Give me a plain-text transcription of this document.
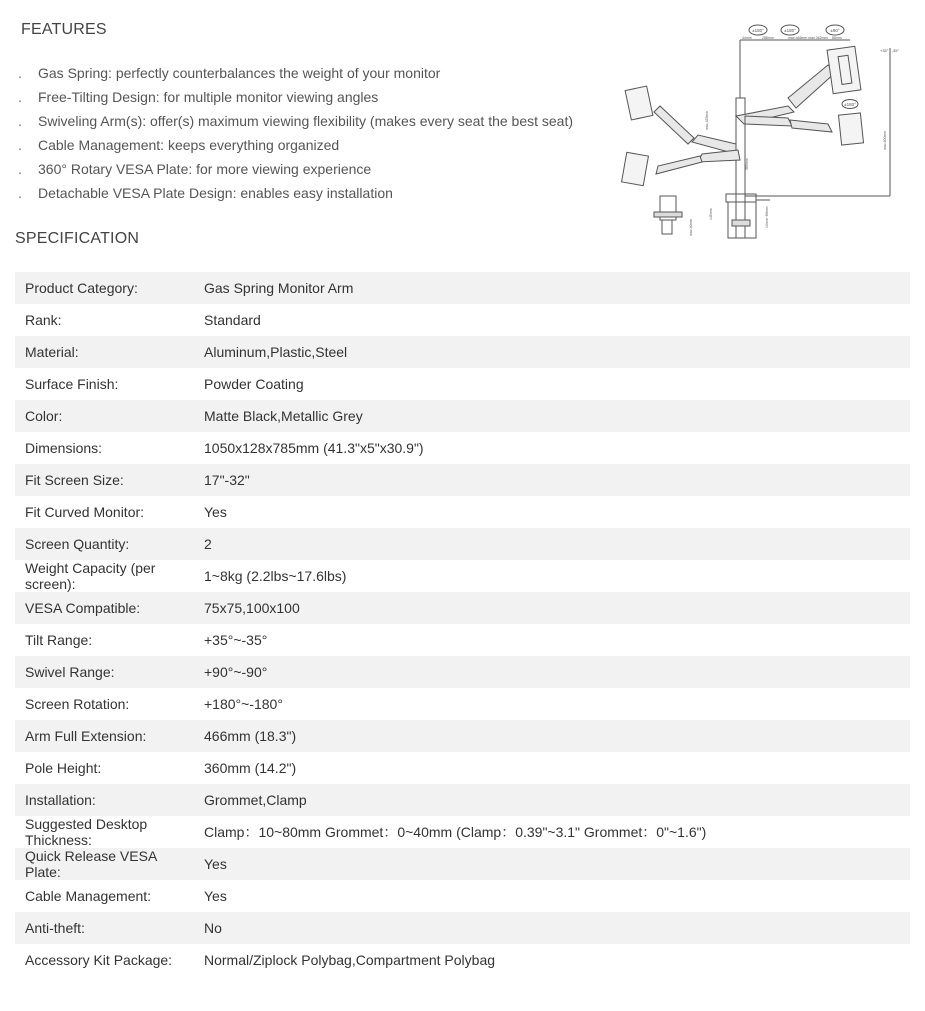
FEATURES
. Gas Spring: perfectly counterbalances the weight of your monitor
. Free-Tilting Design: for multiple monitor viewing angles
. Swiveling Arm(s): offer(s) maximum viewing flexibility (makes every seat the best seat)
. Cable Management: keeps everything organized
. 360° Rotary VESA Plate: for more viewing experience
. Detachable VESA Plate Design: enables easy installation
±180°	±180°	±90°
±180°
44mm	288mm	max.466mm max.362mm 88mm
+35° / -35°
145mm	10mm~80mm
max.600mm
max.425mm
360mm
max.40mm
SPECIFICATION
Product Category:	Gas Spring Monitor Arm
Rank:	Standard
Material:	Aluminum,Plastic,Steel
Surface Finish:	Powder Coating
Color:	Matte Black,Metallic Grey
Dimensions:	1050x128x785mm (41.3"x5"x30.9")
Fit Screen Size:	17"-32"
Fit Curved Monitor:	Yes
Screen Quantity:	2
Weight Capacity (per screen):	1~8kg (2.2lbs~17.6lbs)
VESA Compatible:	75x75,100x100
Tilt Range:	+35°~-35°
Swivel Range:	+90°~-90°
Screen Rotation:	+180°~-180°
Arm Full Extension:	466mm (18.3")
Pole Height:	360mm (14.2")
Installation:	Grommet,Clamp
Suggested Desktop Thickness:	Clamp：10~80mm Grommet：0~40mm (Clamp：0.39"~3.1" Grommet：0"~1.6")
Quick Release VESA Plate:	Yes
Cable Management:	Yes
Anti-theft:	No
Accessory Kit Package:	Normal/Ziplock Polybag,Compartment Polybag
